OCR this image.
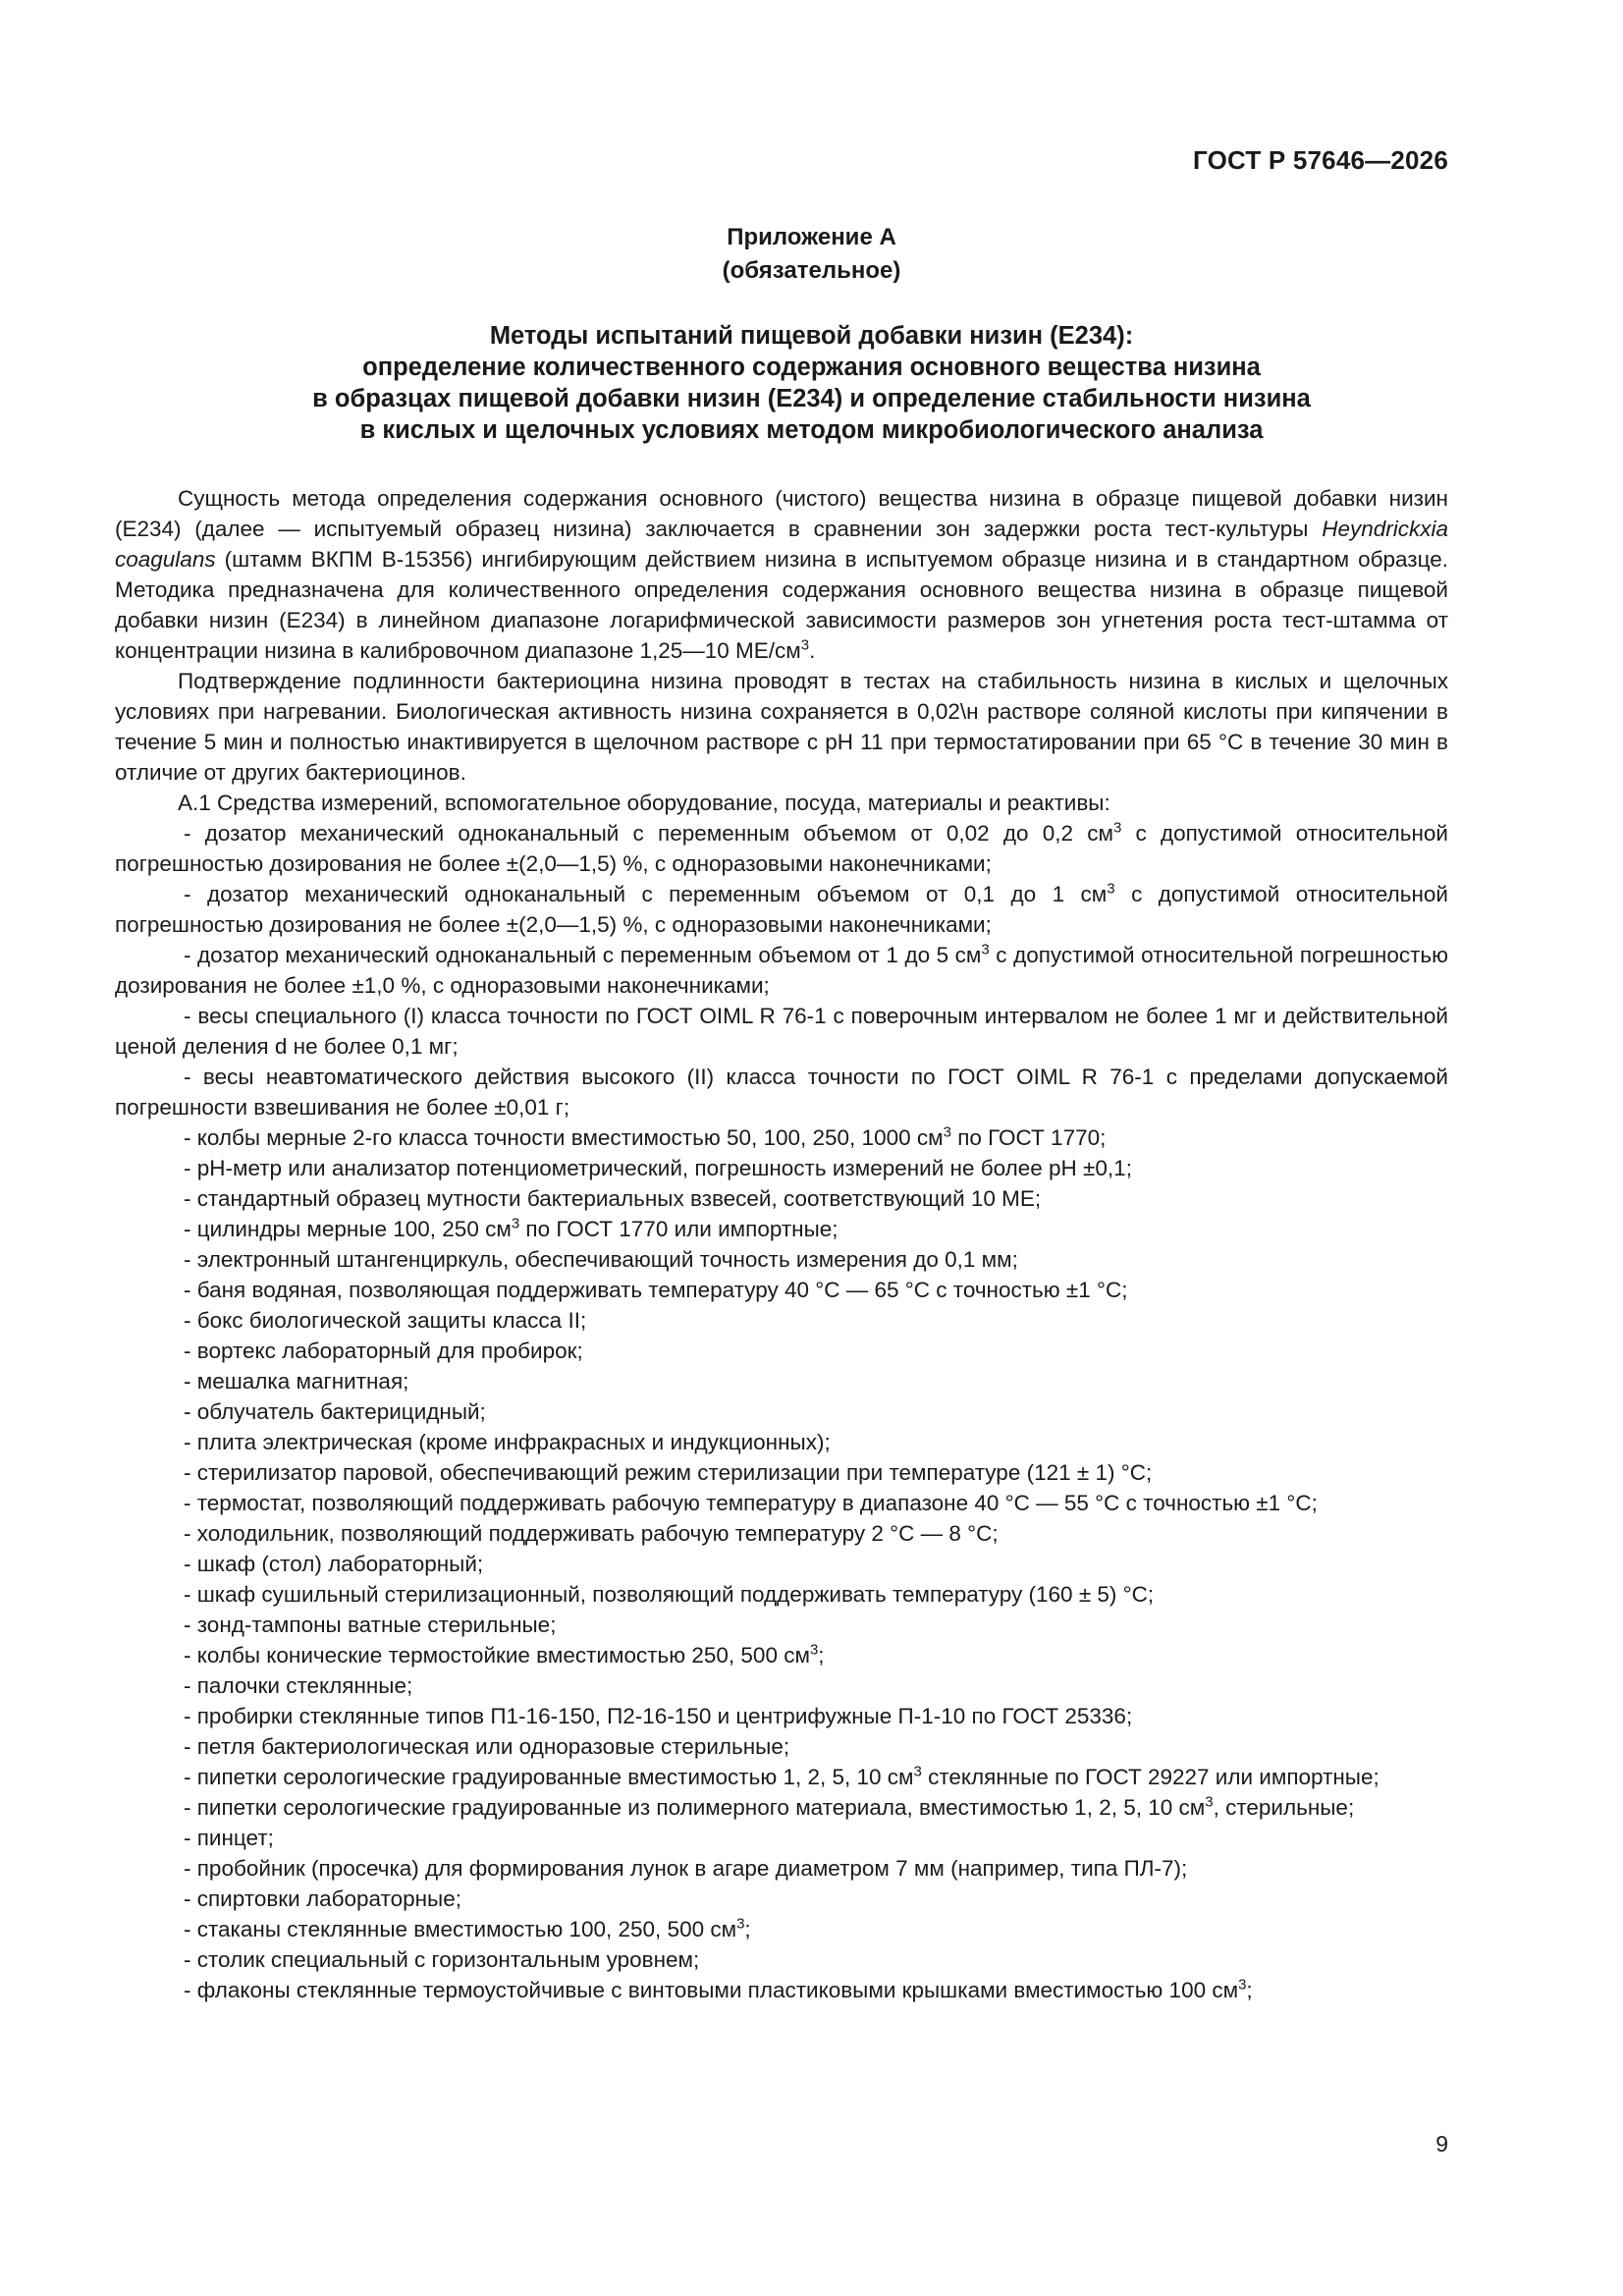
ГОСТ Р 57646—2026
Приложение А
(обязательное)
Методы испытаний пищевой добавки низин (Е234):
определение количественного содержания основного вещества низина
в образцах пищевой добавки низин (Е234) и определение стабильности низина
в кислых и щелочных условиях методом микробиологического анализа

Сущность метода определения содержания основного (чистого) вещества низина в образце пищевой добавки низин (Е234) (далее — испытуемый образец низина) заключается в сравнении зон задержки роста тест-культуры Heyndrickxia coagulans (штамм ВКПМ В-15356) ингибирующим действием низина в испытуемом образце низина и в стандартном образце. Методика предназначена для количественного определения содержания основного вещества низина в образце пищевой добавки низин (Е234) в линейном диапазоне логарифмической зависимости размеров зон угнетения роста тест-штамма от концентрации низина в калибровочном диапазоне 1,25—10 $МЕ/см^3$.

Подтверждение подлинности бактериоцина низина проводят в тестах на стабильность низина в кислых и щелочных условиях при нагревании. Биологическая активность низина сохраняется в 0,02\н растворе соляной кислоты при кипячении в течение 5 мин и полностью инактивируется в щелочном растворе с pH 11 при термостатировании при 65 °C в течение 30 мин в отличие от других бактериоцинов.

А.1 Средства измерений, вспомогательное оборудование, посуда, материалы и реактивы:

- дозатор механический одноканальный с переменным объемом от 0,02 до 0,2 $см^3$ с допустимой относительной погрешностью дозирования не более ±(2,0—1,5) %, с одноразовыми наконечниками;

- дозатор механический одноканальный с переменным объемом от 0,1 до 1 $см^3$ с допустимой относительной погрешностью дозирования не более ±(2,0—1,5) %, с одноразовыми наконечниками;

- дозатор механический одноканальный с переменным объемом от 1 до 5 $см^3$ с допустимой относительной погрешностью дозирования не более ±1,0 %, с одноразовыми наконечниками;

- весы специального (I) класса точности по ГОСТ OIML R 76-1 с поверочным интервалом не более 1 мг и действительной ценой деления d не более 0,1 мг;

- весы неавтоматического действия высокого (II) класса точности по ГОСТ OIML R 76-1 с пределами допускаемой погрешности взвешивания не более ±0,01 г;

- колбы мерные 2-го класса точности вместимостью 50, 100, 250, 1000 $см^3$ по ГОСТ 1770;

- pH-метр или анализатор потенциометрический, погрешность измерений не более pH ±0,1;

- стандартный образец мутности бактериальных взвесей, соответствующий 10 МЕ;

- цилиндры мерные 100, 250 $см^3$ по ГОСТ 1770 или импортные;

- электронный штангенциркуль, обеспечивающий точность измерения до 0,1 мм;

- баня водяная, позволяющая поддерживать температуру 40 °C — 65 °C с точностью ±1 °C;

- бокс биологической защиты класса II;

- вортекс лабораторный для пробирок;

- мешалка магнитная;

- облучатель бактерицидный;

- плита электрическая (кроме инфракрасных и индукционных);

- стерилизатор паровой, обеспечивающий режим стерилизации при температуре (121 ± 1) °C;

- термостат, позволяющий поддерживать рабочую температуру в диапазоне 40 °C — 55 °C с точностью ±1 °C;

- холодильник, позволяющий поддерживать рабочую температуру 2 °C — 8 °C;

- шкаф (стол) лабораторный;

- шкаф сушильный стерилизационный, позволяющий поддерживать температуру (160 ± 5) °C;

- зонд-тампоны ватные стерильные;

- колбы конические термостойкие вместимостью 250, 500 $см^3$;

- палочки стеклянные;

- пробирки стеклянные типов П1-16-150, П2-16-150 и центрифужные П-1-10 по ГОСТ 25336;

- петля бактериологическая или одноразовые стерильные;

- пипетки серологические градуированные вместимостью 1, 2, 5, 10 $см^3$ стеклянные по ГОСТ 29227 или импортные;

- пипетки серологические градуированные из полимерного материала, вместимостью 1, 2, 5, 10 $см^3$, стерильные;

- пинцет;

- пробойник (просечка) для формирования лунок в агаре диаметром 7 мм (например, типа ПЛ-7);

- спиртовки лабораторные;

- стаканы стеклянные вместимостью 100, 250, 500 $см^3$;

- столик специальный с горизонтальным уровнем;

- флаконы стеклянные термоустойчивые с винтовыми пластиковыми крышками вместимостью 100 $см^3$;

9
